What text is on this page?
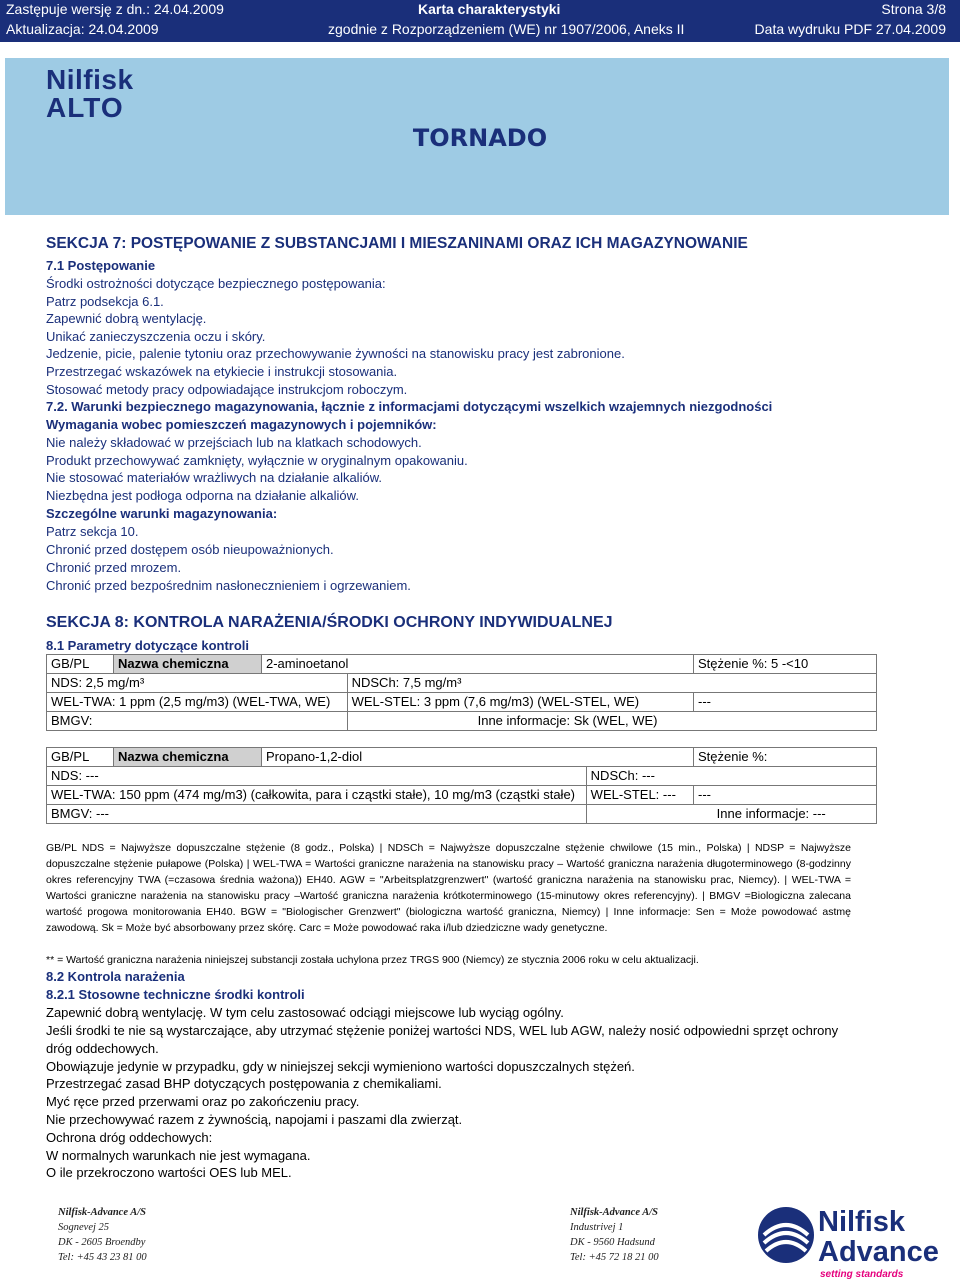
Zastępuje wersję z dn.: 24.04.2009	Karta charakterystyki	Strona 3/8
Aktualizacja: 24.04.2009	zgodnie z Rozporządzeniem (WE) nr 1907/2006, Aneks II	Data wydruku PDF 27.04.2009
Nilfisk
ALTO
TORNADO
SEKCJA 7: POSTĘPOWANIE Z SUBSTANCJAMI I MIESZANINAMI ORAZ ICH MAGAZYNOWANIE
7.1 Postępowanie
Środki ostrożności dotyczące bezpiecznego postępowania:
Patrz podsekcja 6.1.
Zapewnić dobrą wentylację.
Unikać zanieczyszczenia oczu i skóry.
Jedzenie, picie, palenie tytoniu oraz przechowywanie żywności na stanowisku pracy jest zabronione.
Przestrzegać wskazówek na etykiecie i instrukcji stosowania.
Stosować metody pracy odpowiadające instrukcjom roboczym.
7.2. Warunki bezpiecznego magazynowania, łącznie z informacjami dotyczącymi wszelkich wzajemnych niezgodności
Wymagania wobec pomieszczeń magazynowych i pojemników:
Nie należy składować w przejściach lub na klatkach schodowych.
Produkt przechowywać zamknięty, wyłącznie w oryginalnym opakowaniu.
Nie stosować materiałów wrażliwych na działanie alkaliów.
Niezbędna jest podłoga odporna na działanie alkaliów.
Szczególne warunki magazynowania:
Patrz sekcja 10.
Chronić przed dostępem osób nieupoważnionych.
Chronić przed mrozem.
Chronić przed bezpośrednim nasłonecznieniem i ogrzewaniem.
SEKCJA 8: KONTROLA NARAŻENIA/ŚRODKI OCHRONY INDYWIDUALNEJ
8.1 Parametry dotyczące kontroli
GB/PL	Nazwa chemiczna	2-aminoetanol		Stężenie %: 5 -<10
NDS: 2,5 mg/m³			NDSCh: 7,5 mg/m³	
WEL-TWA: 1 ppm (2,5 mg/m3) (WEL-TWA, WE)			WEL-STEL: 3 ppm (7,6 mg/m3) (WEL-STEL, WE)	---
BMGV:			Inne informacje: Sk (WEL, WE)	
GB/PL	Nazwa chemiczna	Propano-1,2-diol		Stężenie %:
NDS: ---			NDSCh: ---	
WEL-TWA: 150 ppm (474 mg/m3) (całkowita, para i cząstki stałe), 10 mg/m3 (cząstki stałe)			WEL-STEL: ---	---
BMGV: ---			Inne informacje: ---	
GB/PL NDS = Najwyższe dopuszczalne stężenie (8 godz., Polska) | NDSCh = Najwyższe dopuszczalne stężenie chwilowe (15 min., Polska) | NDSP = Najwyższe dopuszczalne stężenie pułapowe (Polska) | WEL-TWA = Wartości graniczne narażenia na stanowisku pracy – Wartość graniczna narażenia długoterminowego (8-godzinny okres referencyjny TWA (=czasowa średnia ważona)) EH40. AGW = "Arbeitsplatzgrenzwert" (wartość graniczna narażenia na stanowisku prac, Niemcy). | WEL-TWA = Wartości graniczne narażenia na stanowisku pracy –Wartość graniczna narażenia krótkoterminowego (15-minutowy okres referencyjny). | BMGV =Biologiczna zalecana wartość progowa monitorowania EH40. BGW = "Biologischer Grenzwert" (biologiczna wartość graniczna, Niemcy) | Inne informacje: Sen = Może powodować astmę zawodową. Sk = Może być absorbowany przez skórę. Carc = Może powodować raka i/lub dziedziczne wady genetyczne.
** = Wartość graniczna narażenia niniejszej substancji została uchylona przez TRGS 900 (Niemcy) ze stycznia 2006 roku w celu aktualizacji.
8.2 Kontrola narażenia
8.2.1 Stosowne techniczne środki kontroli
Zapewnić dobrą wentylację. W tym celu zastosować odciągi miejscowe lub wyciąg ogólny.
Jeśli środki te nie są wystarczające, aby utrzymać stężenie poniżej wartości NDS, WEL lub AGW, należy nosić odpowiedni sprzęt ochrony
dróg oddechowych.
Obowiązuje jedynie w przypadku, gdy w niniejszej sekcji wymieniono wartości dopuszczalnych stężeń.
Przestrzegać zasad BHP dotyczących postępowania z chemikaliami.
Myć ręce przed przerwami oraz po zakończeniu pracy.
Nie przechowywać razem z żywnością, napojami i paszami dla zwierząt.
Ochrona dróg oddechowych:
W normalnych warunkach nie jest wymagana.
O ile przekroczono wartości OES lub MEL.
Nilfisk-Advance A/S
Sognevej 25
DK - 2605 Broendby
Tel: +45 43 23 81 00
Nilfisk-Advance A/S
Industrivej 1
DK - 9560 Hadsund
Tel: +45 72 18 21 00
Nilfisk
Advance
setting standards
